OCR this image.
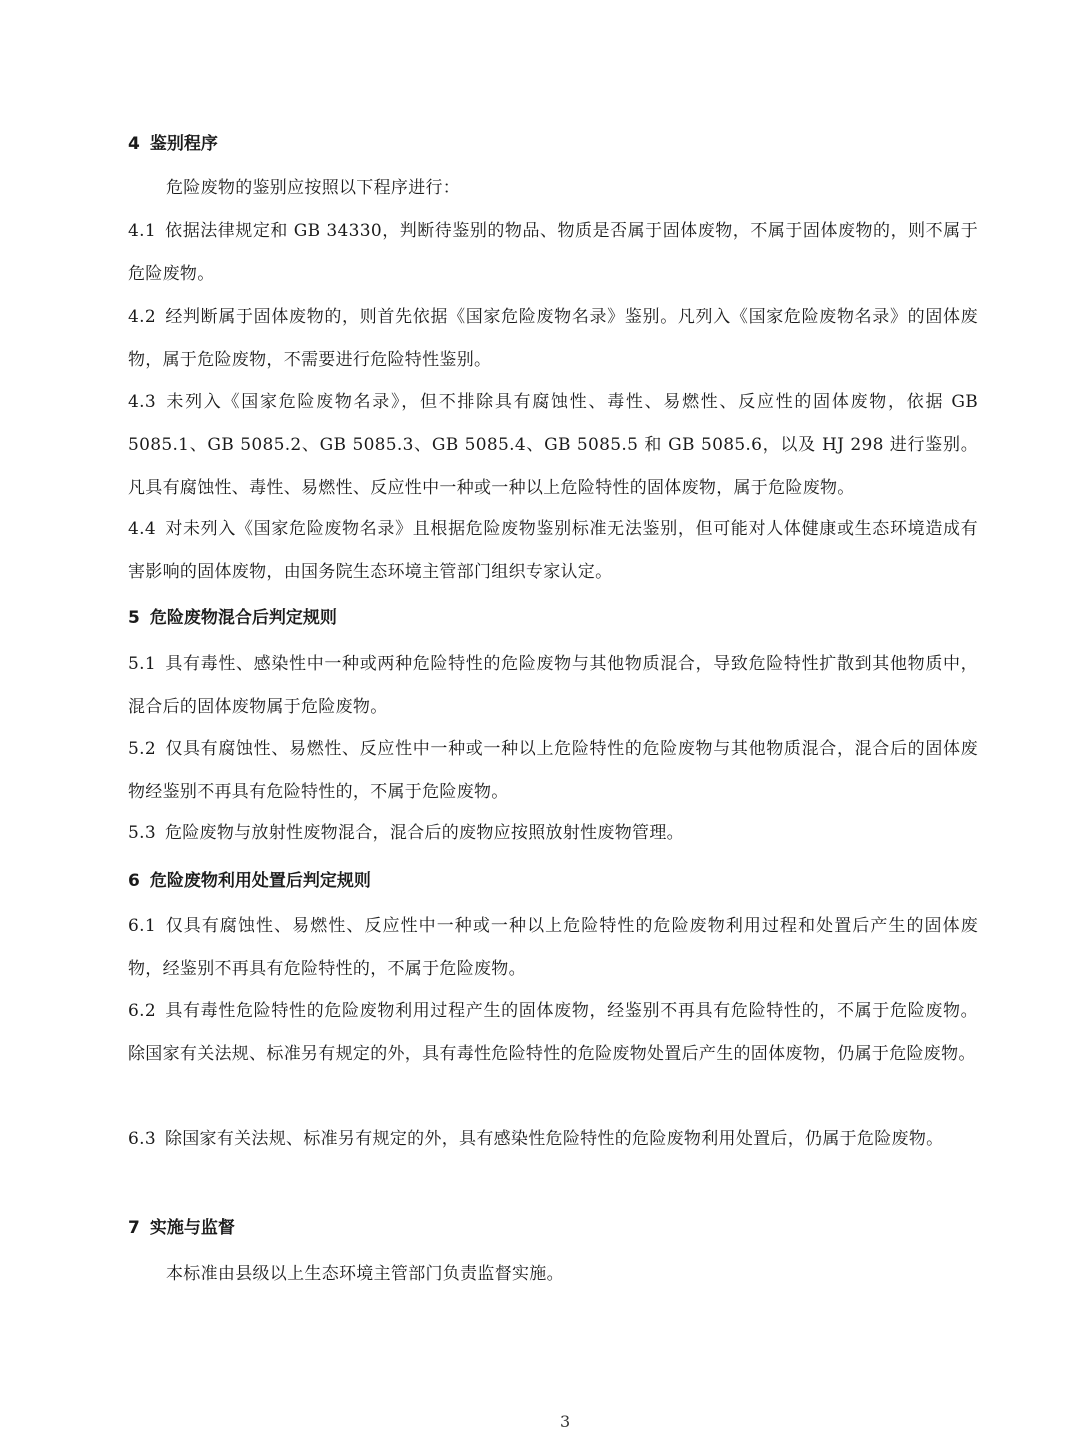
4 鉴别程序

危险废物的鉴别应按照以下程序进行：

4.1 依据法律规定和 GB 34330，判断待鉴别的物品、物质是否属于固体废物，不属于固体废物的，则不属于危险废物。

4.2 经判断属于固体废物的，则首先依据《国家危险废物名录》鉴别。凡列入《国家危险废物名录》的固体废物，属于危险废物，不需要进行危险特性鉴别。

4.3 未列入《国家危险废物名录》，但不排除具有腐蚀性、毒性、易燃性、反应性的固体废物，依据 GB 5085.1、GB 5085.2、GB 5085.3、GB 5085.4、GB 5085.5 和 GB 5085.6，以及 HJ 298 进行鉴别。凡具有腐蚀性、毒性、易燃性、反应性中一种或一种以上危险特性的固体废物，属于危险废物。

4.4 对未列入《国家危险废物名录》且根据危险废物鉴别标准无法鉴别，但可能对人体健康或生态环境造成有害影响的固体废物，由国务院生态环境主管部门组织专家认定。

5 危险废物混合后判定规则

5.1 具有毒性、感染性中一种或两种危险特性的危险废物与其他物质混合，导致危险特性扩散到其他物质中，混合后的固体废物属于危险废物。

5.2 仅具有腐蚀性、易燃性、反应性中一种或一种以上危险特性的危险废物与其他物质混合，混合后的固体废物经鉴别不再具有危险特性的，不属于危险废物。

5.3 危险废物与放射性废物混合，混合后的废物应按照放射性废物管理。

6 危险废物利用处置后判定规则

6.1 仅具有腐蚀性、易燃性、反应性中一种或一种以上危险特性的危险废物利用过程和处置后产生的固体废物，经鉴别不再具有危险特性的，不属于危险废物。

6.2 具有毒性危险特性的危险废物利用过程产生的固体废物，经鉴别不再具有危险特性的，不属于危险废物。除国家有关法规、标准另有规定的外，具有毒性危险特性的危险废物处置后产生的固体废物，仍属于危险废物。

6.3 除国家有关法规、标准另有规定的外，具有感染性危险特性的危险废物利用处置后，仍属于危险废物。

7 实施与监督

本标准由县级以上生态环境主管部门负责监督实施。

3
